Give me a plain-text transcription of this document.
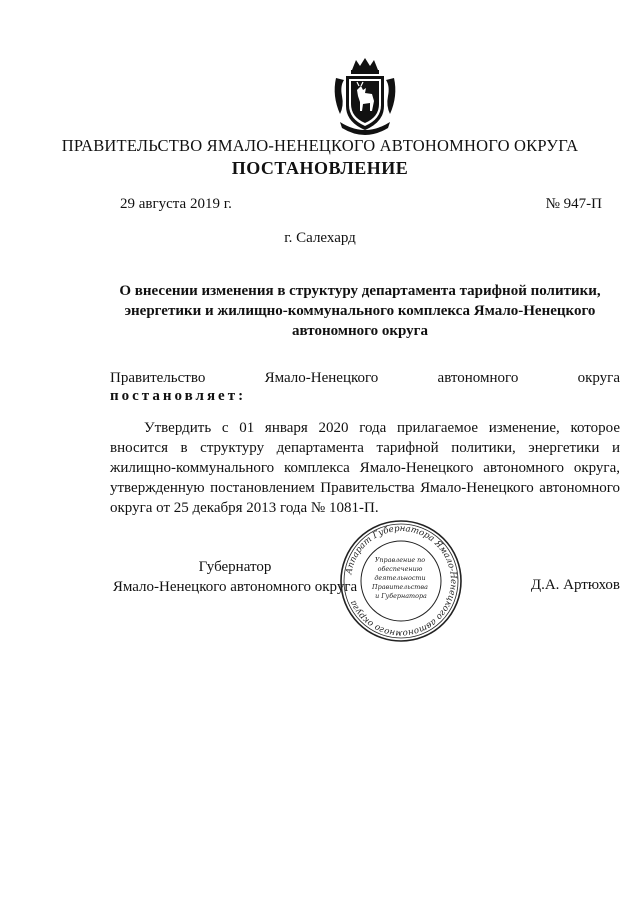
ПРАВИТЕЛЬСТВО ЯМАЛО-НЕНЕЦКОГО АВТОНОМНОГО ОКРУГА
ПОСТАНОВЛЕНИЕ
29 августа 2019 г.	№ 947-П
г. Салехард
О внесении изменения в структуру департамента тарифной политики, энергетики и жилищно-коммунального комплекса Ямало-Ненецкого автономного округа
Правительство Ямало-Ненецкого автономного округа
постановляет:
Утвердить с 01 января 2020 года прилагаемое изменение, которое вносится в структуру департамента тарифной политики, энергетики и жилищно-коммунального комплекса Ямало-Ненецкого автономного округа, утвержденную постановлением Правительства Ямало-Ненецкого автономного округа от 25 декабря 2013 года № 1081-П.
Губернатор
Ямало-Ненецкого автономного округа	Д.А. Артюхов
Аппарат Губернатора Ямало-Ненецкого автономного округа
Управление по обеспечению деятельности Правительства и Губернатора
